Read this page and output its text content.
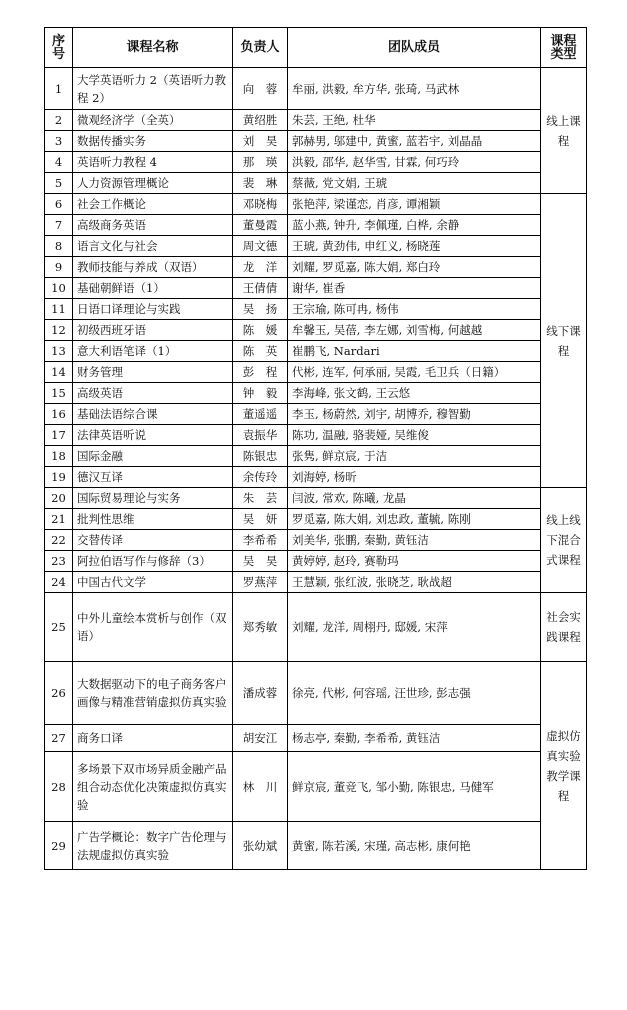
序号	课程名称	负责人	团队成员	课程类型

1	大学英语听力 2（英语听力教程 2）	向　蓉	牟丽, 洪毅, 牟方华, 张琦, 马武林	线上课程
2	微观经济学（全英）	黄绍胜	朱芸, 王绝, 杜华	
3	数据传播实务	刘　昊	郭赫男, 邬建中, 黄蜜, 蓝若宇, 刘晶晶	
4	英语听力教程 4	那　瑛	洪毅, 邵华, 赵华雪, 甘霖, 何巧玲	
5	人力资源管理概论	裴　琳	蔡薇, 党文娟, 王琥	
6	社会工作概论	邓晓梅	张艳萍, 梁谨恋, 肖彦, 谭湘颖	线下课程
7	高级商务英语	董曼霞	蓝小燕, 钟升, 李佩瑾, 白桦, 余静	
8	语言文化与社会	周文德	王琥, 黄劲伟, 申红义, 杨晓莲	
9	教师技能与养成（双语）	龙　洋	刘耀, 罗觅嘉, 陈大娟, 郑白玲	
10	基础朝鲜语（1）	王倩倩	谢华, 崔香	
11	日语口译理论与实践	吴　扬	王宗瑜, 陈可冉, 杨伟	
12	初级西班牙语	陈　媛	牟馨玉, 吴蓓, 李左娜, 刘雪梅, 何越越	
13	意大利语笔译（1）	陈　英	崔鹏飞, Nardari	
14	财务管理	彭　程	代彬, 连军, 何承丽, 吴霞, 毛卫兵（日籍）	
15	高级英语	钟　毅	李海峰, 张文鹤, 王云悠	
16	基础法语综合课	董遥遥	李玉, 杨蔚然, 刘宇, 胡博乔, 穆智勤	
17	法律英语听说	袁振华	陈功, 温融, 骆裴娅, 吴维俊	
18	国际金融	陈银忠	张隽, 鲜京宸, 于洁	
19	德汉互译	余传玲	刘海婷, 杨昕	
20	国际贸易理论与实务	朱　芸	闫波, 常欢, 陈曦, 龙晶	线上线下混合式课程
21	批判性思维	吴　妍	罗觅嘉, 陈大娟, 刘忠政, 董毓, 陈刚	
22	交替传译	李希希	刘美华, 张鹏, 秦勤, 黄钰洁	
23	阿拉伯语写作与修辞（3）	吴　昊	黄婷婷, 赵玲, 赛勒玛	
24	中国古代文学	罗燕萍	王慧颖, 张红波, 张晓芝, 耿战超	
25	中外儿童绘本赏析与创作（双语）	郑秀敏	刘耀, 龙洋, 周栩丹, 邸媛, 宋萍	社会实践课程
26	大数据驱动下的电子商务客户画像与精准营销虚拟仿真实验	潘成蓉	徐亮, 代彬, 何容瑶, 汪世珍, 彭志强	虚拟仿真实验教学课程
27	商务口译	胡安江	杨志亭, 秦勤, 李希希, 黄钰洁	
28	多场景下双市场异质金融产品组合动态优化决策虚拟仿真实验	林　川	鲜京宸, 董竞飞, 邹小勤, 陈银忠, 马健军	
29	广告学概论：数字广告伦理与法规虚拟仿真实验	张幼斌	黄蜜, 陈若溪, 宋瑾, 高志彬, 康何艳	
